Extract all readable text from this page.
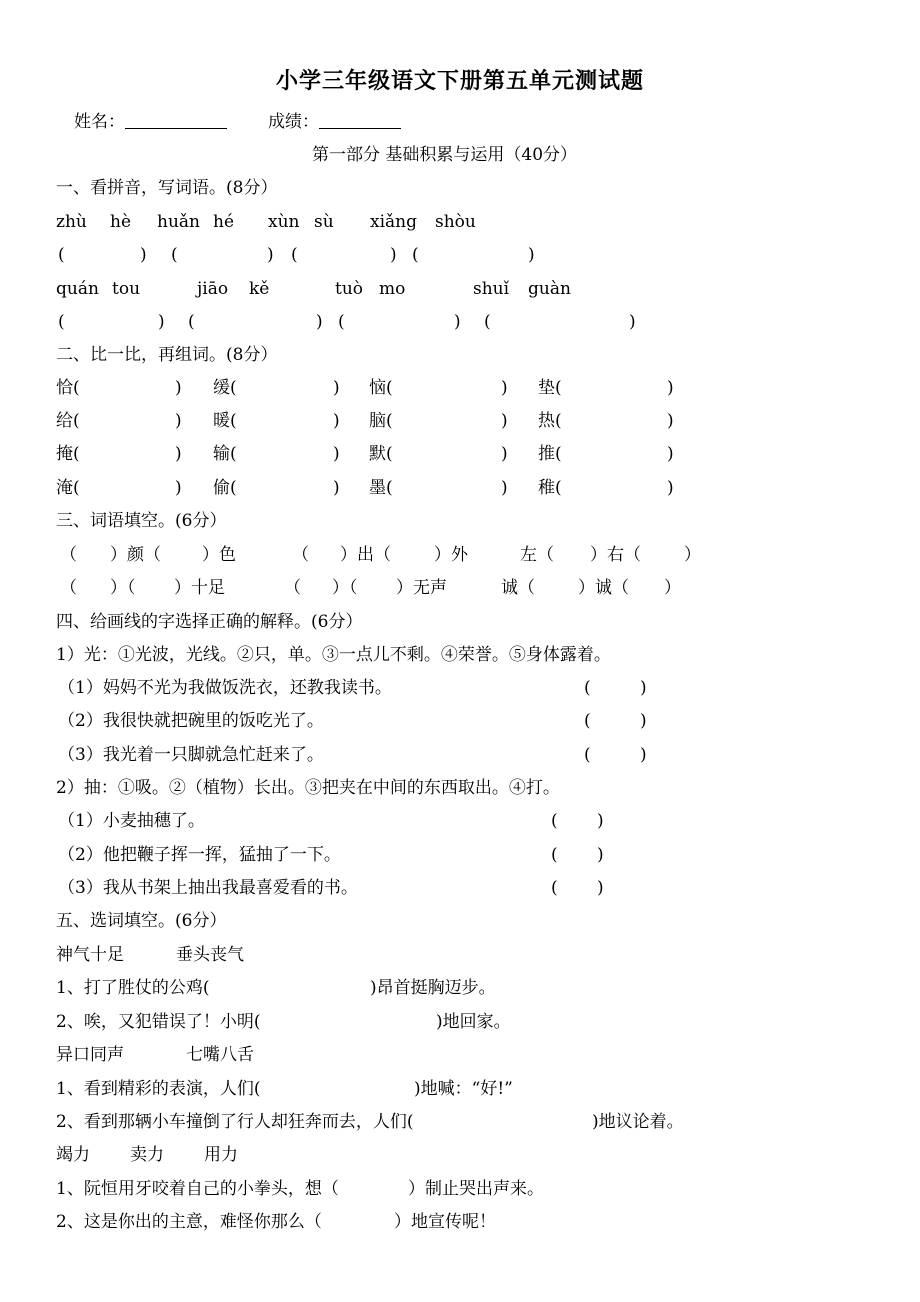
小学三年级语文下册第五单元测试题
姓名：	成绩：
第一部分 基础积累与运用（40分）
一、看拼音，写词语。(8分）
zhù hè huǎn hé xùn sù xiǎng shòu
(	) (	) (	) (	)
quán tou	jiāo kě	tuò mo	shuǐ guàn
(	) (	) (	) (	)
二、比一比，再组词。(8分）
恰(	) 缓(	) 恼(	) 垫(	)
给(	) 暖(	) 脑(	) 热(	)
掩(	) 输(	) 默(	) 推(	)
淹(	) 偷(	) 墨(	) 稚(	)
三、词语填空。(6分）
（ ）颜（ ）色	（ ）出（	）外	左（ ）右（	）
（ ）（ ）十足	（ ）（ ）无声	诚（	）诚（ ）
四、给画线的字选择正确的解释。(6分）
1）光：①光波，光线。②只，单。③一点儿不剩。④荣誉。⑤身体露着。
（1）妈妈不光为我做饭洗衣，还教我读书。	(	)
（2）我很快就把碗里的饭吃光了。	(	)
（3）我光着一只脚就急忙赶来了。	(	)
2）抽：①吸。②（植物）长出。③把夹在中间的东西取出。④打。
（1）小麦抽穗了。	( )
（2）他把鞭子挥一挥，猛抽了一下。	( )
（3）我从书架上抽出我最喜爱看的书。	( )
五、选词填空。(6分）
神气十足	垂头丧气
1、打了胜仗的公鸡(	)昂首挺胸迈步。
2、唉，又犯错误了！小明(	)地回家。
异口同声	七嘴八舌
1、看到精彩的表演，人们(	)地喊：“好!”
2、看到那辆小车撞倒了行人却狂奔而去，人们(	)地议论着。
竭力 卖力 用力
1、阮恒用牙咬着自己的小拳头，想（	）制止哭出声来。
2、这是你出的主意，难怪你那么（	）地宣传呢！
